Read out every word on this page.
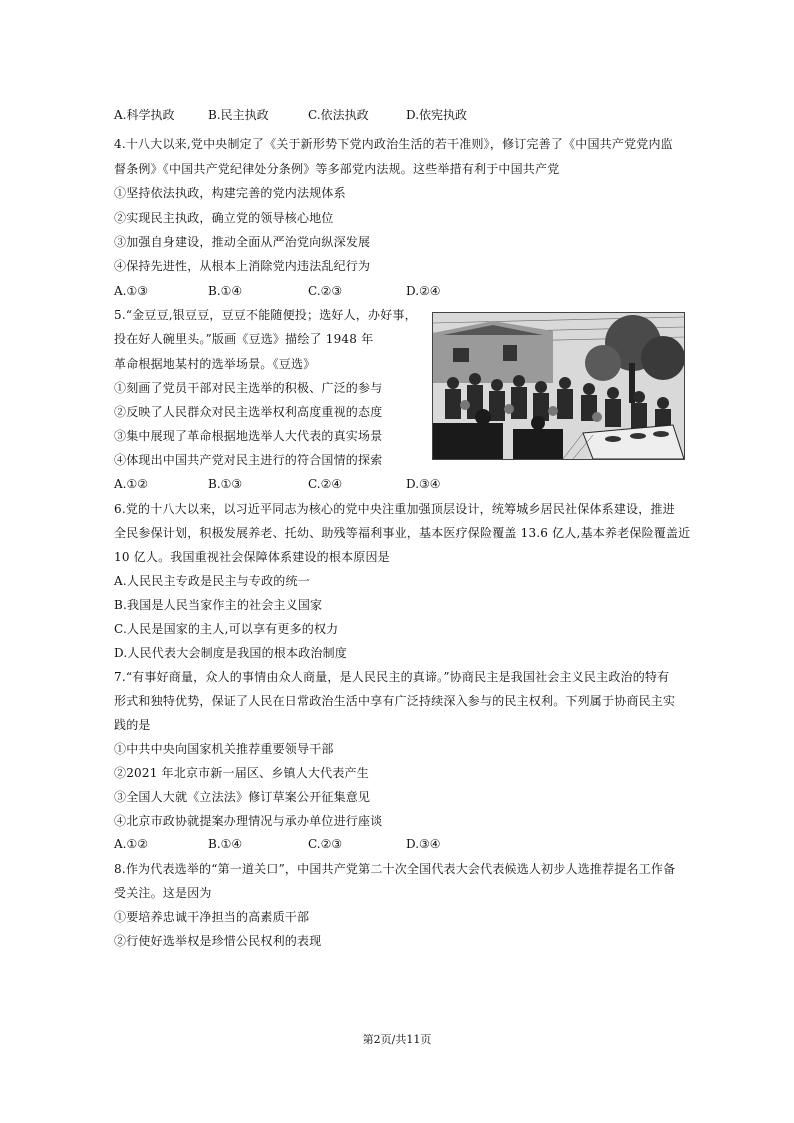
A.科学执政	B.民主执政	C.依法执政	D.依宪执政
4.十八大以来,党中央制定了《关于新形势下党内政治生活的若干准则》，修订完善了《中国共产党党内监
督条例》《中国共产党纪律处分条例》等多部党内法规。这些举措有利于中国共产党
①坚持依法执政，构建完善的党内法规体系
②实现民主执政，确立党的领导核心地位
③加强自身建设，推动全面从严治党向纵深发展
④保持先进性，从根本上消除党内违法乱纪行为
A.①③	B.①④	C.②③	D.②④
5.“金豆豆,银豆豆，豆豆不能随便投；选好人，办好事，
投在好人碗里头。”版画《豆选》描绘了 1948 年
革命根据地某村的选举场景。《豆选》
①刻画了党员干部对民主选举的积极、广泛的参与
②反映了人民群众对民主选举权利高度重视的态度
③集中展现了革命根据地选举人大代表的真实场景
④体现出中国共产党对民主进行的符合国情的探索
A.①②	B.①③	C.②④	D.③④
6.党的十八大以来，以习近平同志为核心的党中央注重加强顶层设计，统筹城乡居民社保体系建设，推进
全民参保计划，积极发展养老、托幼、助残等福利事业，基本医疗保险覆盖 13.6 亿人,基本养老保险覆盖近
10 亿人。我国重视社会保障体系建设的根本原因是
A.人民民主专政是民主与专政的统一
B.我国是人民当家作主的社会主义国家
C.人民是国家的主人,可以享有更多的权力
D.人民代表大会制度是我国的根本政治制度
7.“有事好商量，众人的事情由众人商量，是人民民主的真谛。”协商民主是我国社会主义民主政治的特有
形式和独特优势，保证了人民在日常政治生活中享有广泛持续深入参与的民主权利。下列属于协商民主实
践的是
①中共中央向国家机关推荐重要领导干部
②2021 年北京市新一届区、乡镇人大代表产生
③全国人大就《立法法》修订草案公开征集意见
④北京市政协就提案办理情况与承办单位进行座谈
A.①②	B.①④	C.②③	D.③④
8.作为代表选举的“第一道关口”，中国共产党第二十次全国代表大会代表候选人初步人选推荐提名工作备
受关注。这是因为
①要培养忠诚干净担当的高素质干部
②行使好选举权是珍惜公民权利的表现
第2页/共11页
